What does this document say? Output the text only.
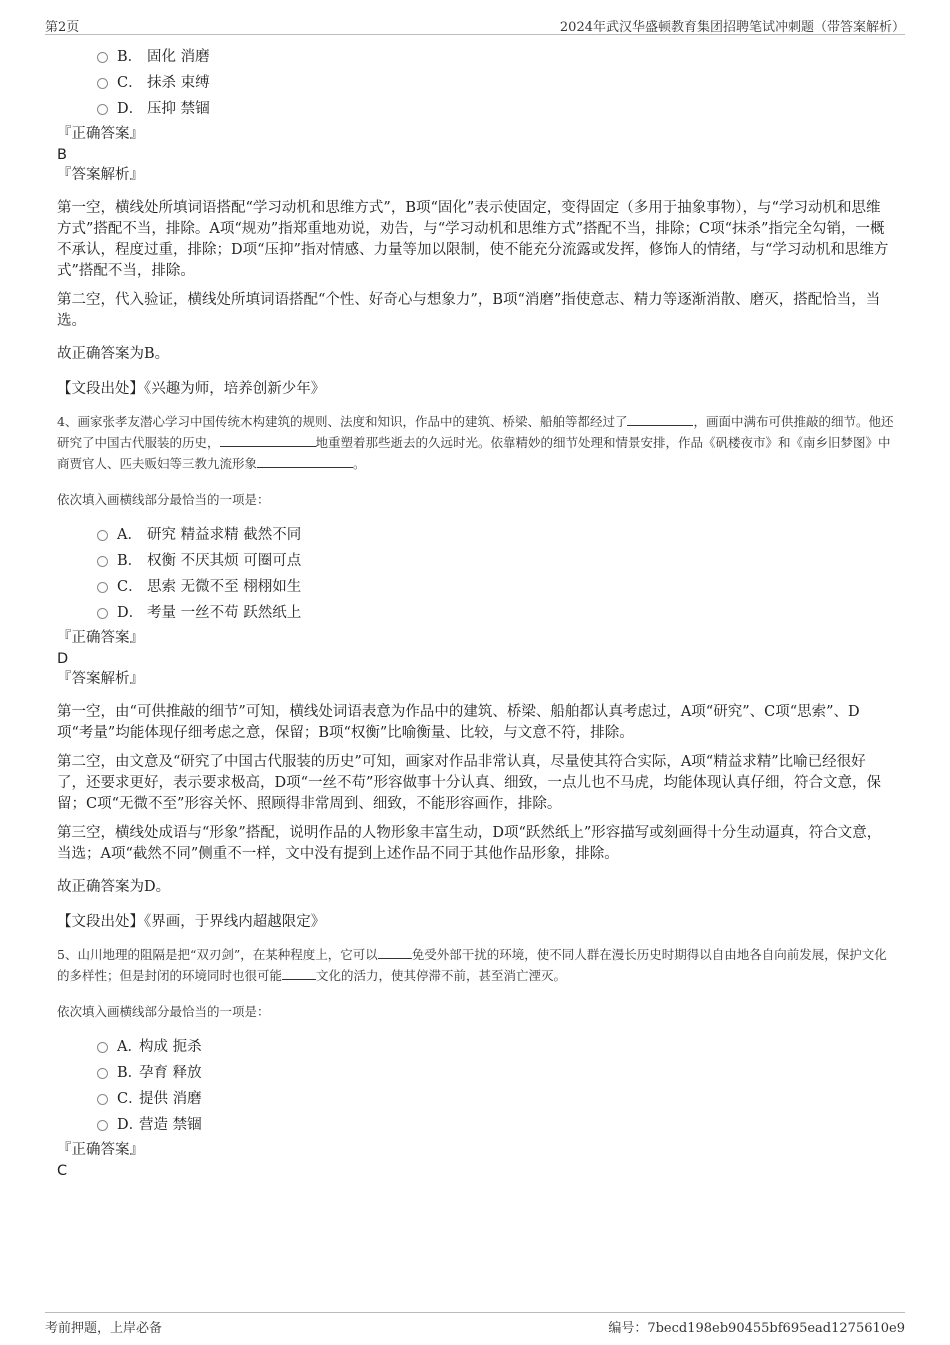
第2页	2024年武汉华盛顿教育集团招聘笔试冲刺题（带答案解析）
B． 固化 消磨
C． 抹杀 束缚
D． 压抑 禁锢
『正确答案』
B
『答案解析』

第一空，横线处所填词语搭配“学习动机和思维方式”，B项“固化”表示使固定，变得固定（多用于抽象事物），与“学习动机和思维方式”搭配不当，排除。A项“规劝”指郑重地劝说，劝告，与“学习动机和思维方式”搭配不当，排除；C项“抹杀”指完全勾销，一概不承认，程度过重，排除；D项“压抑”指对情感、力量等加以限制，使不能充分流露或发挥，修饰人的情绪，与“学习动机和思维方式”搭配不当，排除。

第二空，代入验证，横线处所填词语搭配“个性、好奇心与想象力”，B项“消磨”指使意志、精力等逐渐消散、磨灭，搭配恰当，当选。

故正确答案为B。

【文段出处】《兴趣为师，培养创新少年》
4、画家张孝友潜心学习中国传统木构建筑的规则、法度和知识，作品中的建筑、桥梁、船舶等都经过了	，画面中满布可供推敲的细节。他还研究了中国古代服装的历史，	地重塑着那些逝去的久远时光。依靠精妙的细节处理和情景安排，作品《矾楼夜市》和《南乡旧梦图》中商贾官人、匹夫贩妇等三教九流形象	。
依次填入画横线部分最恰当的一项是：
A． 研究 精益求精 截然不同
B． 权衡 不厌其烦 可圈可点
C． 思索 无微不至 栩栩如生
D． 考量 一丝不苟 跃然纸上
『正确答案』
D
『答案解析』

第一空，由“可供推敲的细节”可知，横线处词语表意为作品中的建筑、桥梁、船舶都认真考虑过，A项“研究”、C项“思索”、D项“考量”均能体现仔细考虑之意，保留；B项“权衡”比喻衡量、比较，与文意不符，排除。

第二空，由文意及“研究了中国古代服装的历史”可知，画家对作品非常认真，尽量使其符合实际，A项“精益求精”比喻已经很好了，还要求更好，表示要求极高，D项“一丝不苟”形容做事十分认真、细致，一点儿也不马虎，均能体现认真仔细，符合文意，保留；C项“无微不至”形容关怀、照顾得非常周到、细致，不能形容画作，排除。

第三空，横线处成语与“形象”搭配，说明作品的人物形象丰富生动，D项“跃然纸上”形容描写或刻画得十分生动逼真，符合文意，当选；A项“截然不同”侧重不一样，文中没有提到上述作品不同于其他作品形象，排除。

故正确答案为D。

【文段出处】《界画，于界线内超越限定》
5、山川地理的阻隔是把“双刃剑”，在某种程度上，它可以	免受外部干扰的环境，使不同人群在漫长历史时期得以自由地各自向前发展，保护文化的多样性；但是封闭的环境同时也很可能	文化的活力，使其停滞不前，甚至消亡湮灭。
依次填入画横线部分最恰当的一项是：
A．
构成 扼杀
B．
孕育 释放
C．
提供 消磨
D．
营造 禁锢
『正确答案』
C
考前押题，上岸必备	编号：7becd198eb90455bf695ead1275610e9
